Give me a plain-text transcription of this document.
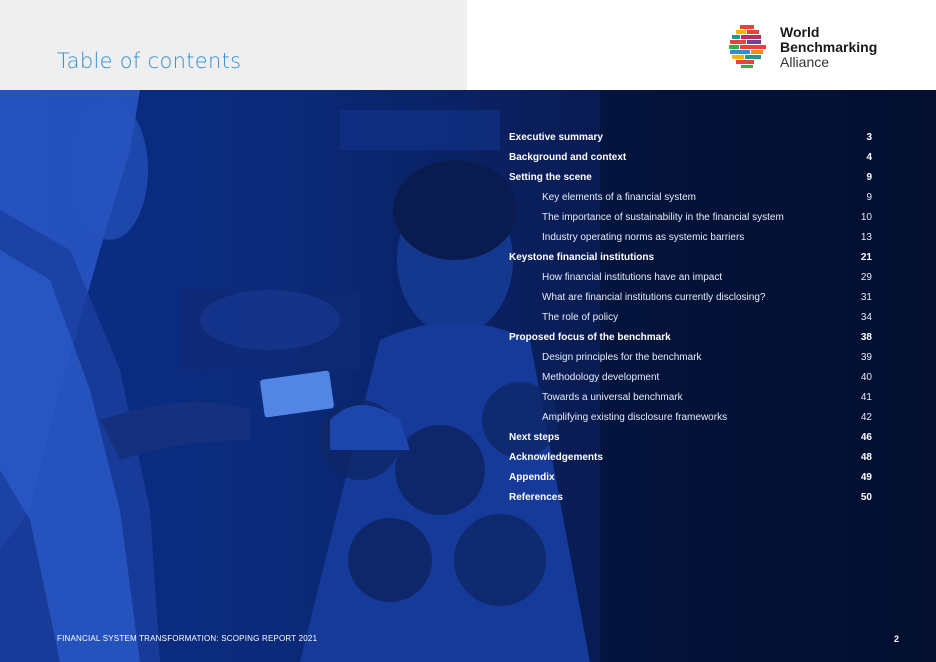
Table of contents
World
Benchmarking
Alliance
Executive summary	3
Background and context	4
Setting the scene	9
Key elements of a financial system	9
The importance of sustainability in the financial system	10
Industry operating norms as systemic barriers	13
Keystone financial institutions	21
How financial institutions have an impact	29
What are financial institutions currently disclosing?	31
The role of policy	34
Proposed focus of the benchmark	38
Design principles for the benchmark	39
Methodology development	40
Towards a universal benchmark	41
Amplifying existing disclosure frameworks	42
Next steps	46
Acknowledgements	48
Appendix	49
References	50
FINANCIAL SYSTEM TRANSFORMATION: SCOPING REPORT 2021	2
